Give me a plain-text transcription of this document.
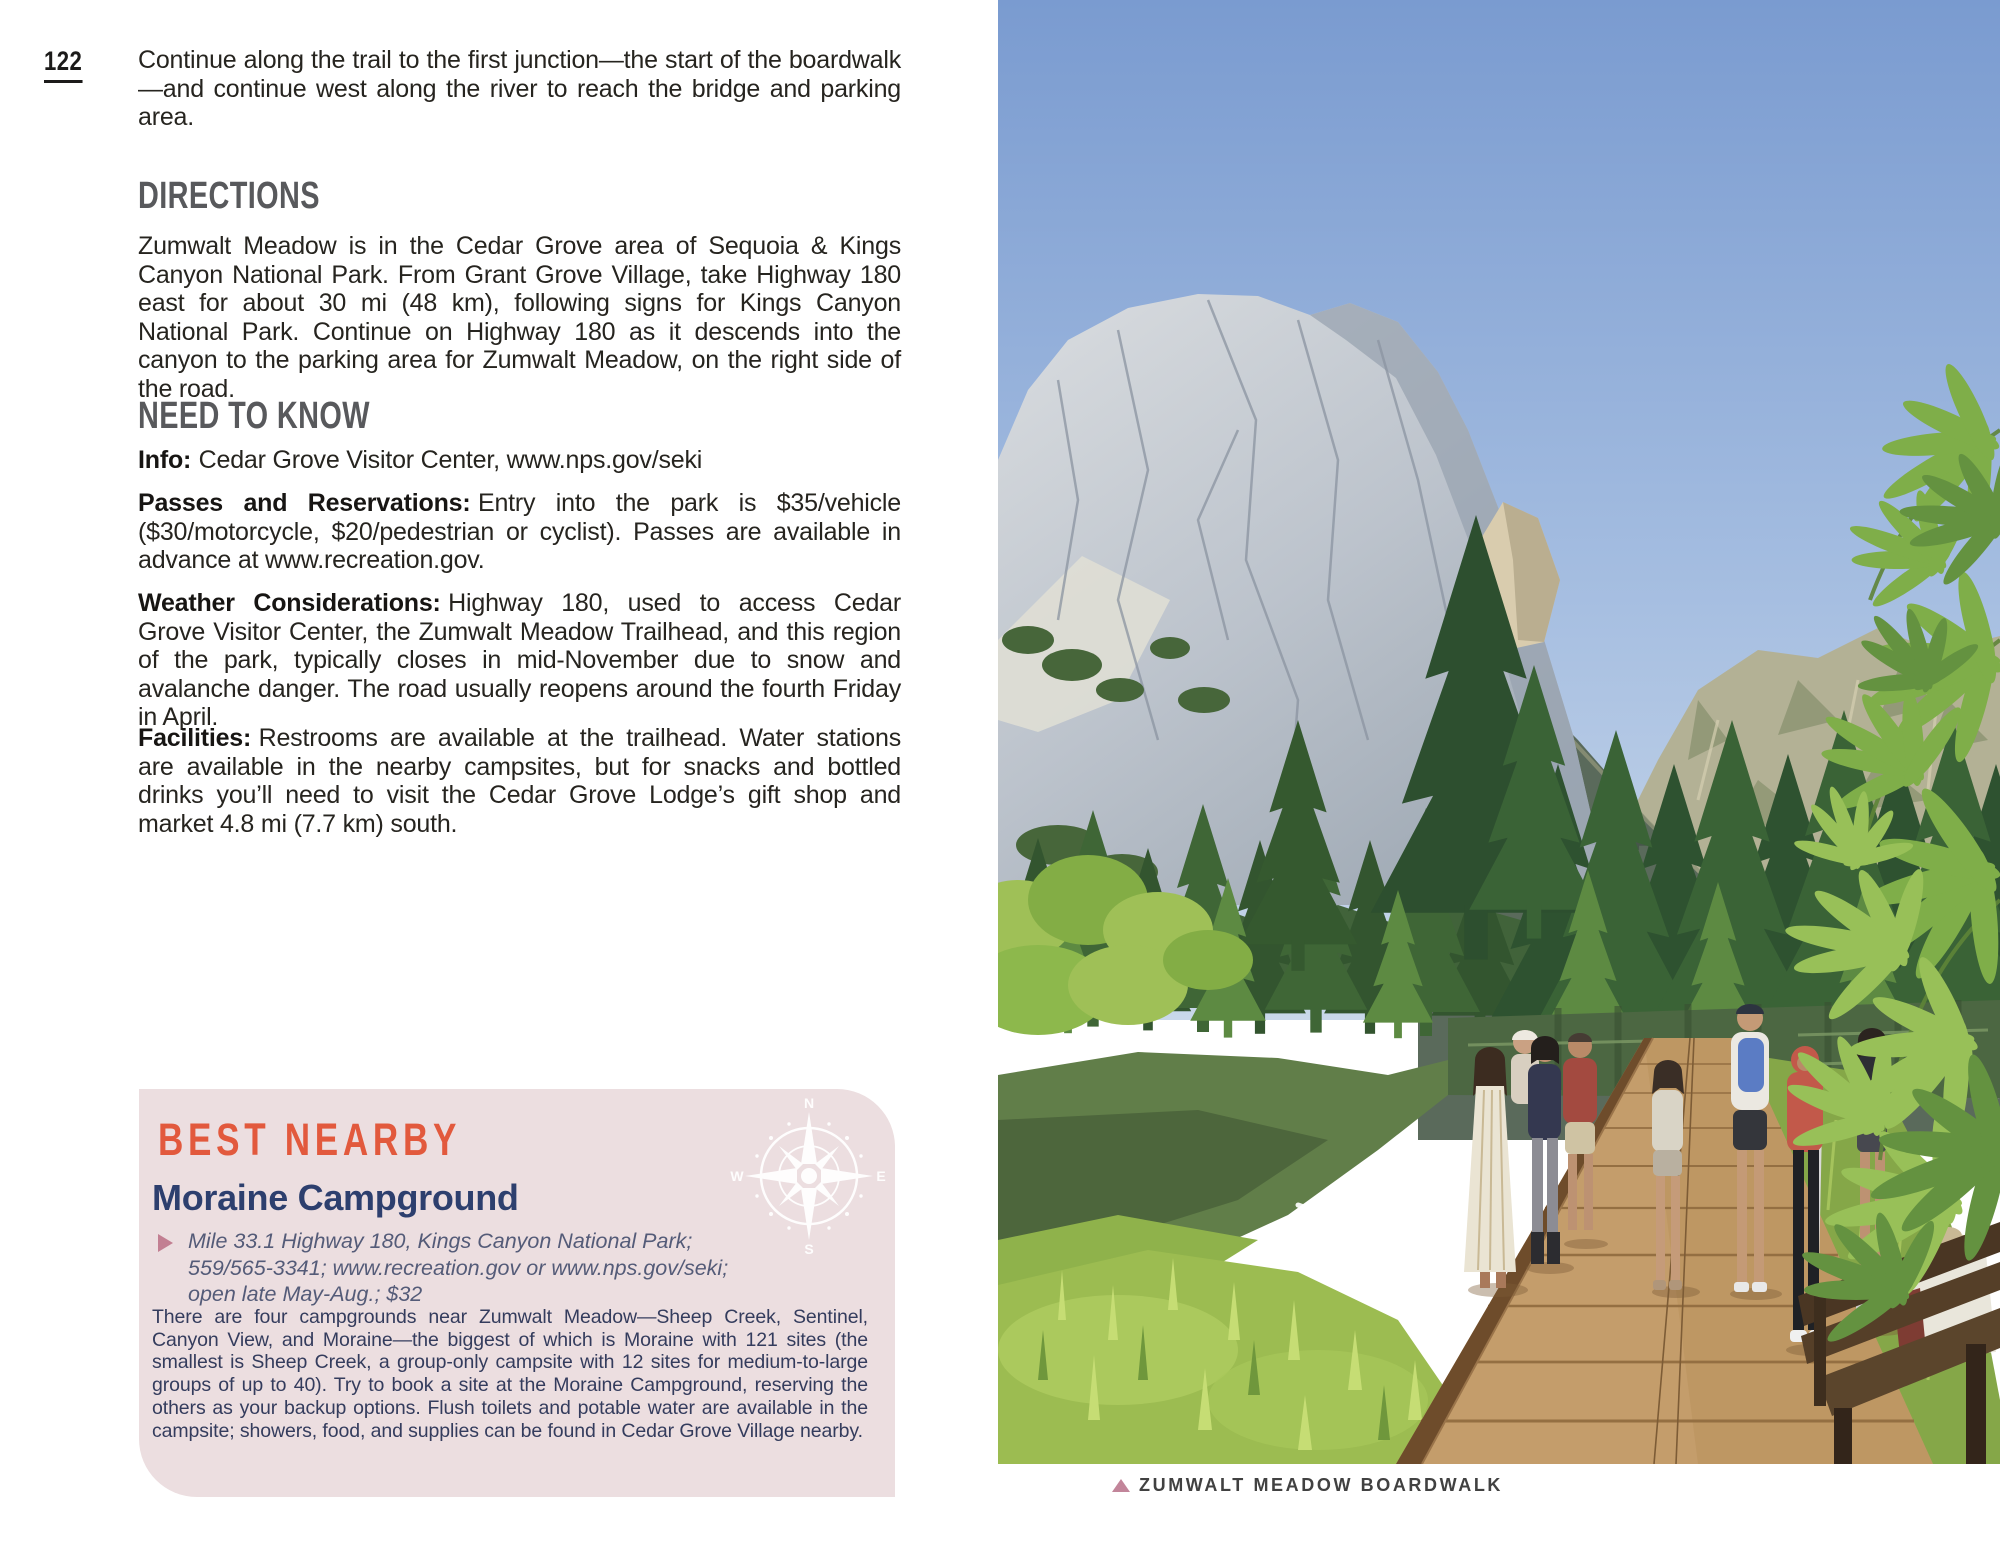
122 Continue along the trail to the first junction—the start of the boardwalk—and continue west along the river to reach the bridge and parking area.

DIRECTIONS

Zumwalt Meadow is in the Cedar Grove area of Sequoia & Kings Canyon National Park. From Grant Grove Village, take Highway 180 east for about 30 mi (48 km), following signs for Kings Canyon National Park. Continue on Highway 180 as it descends into the canyon to the parking area for Zumwalt Meadow, on the right side of the road.

NEED TO KNOW

Info: Cedar Grove Visitor Center, www.nps.gov/seki

Passes and Reservations: Entry into the park is $35/vehicle ($30/motorcycle, $20/pedestrian or cyclist). Passes are available in advance at www.recreation.gov.

Weather Considerations: Highway 180, used to access Cedar Grove Visitor Center, the Zumwalt Meadow Trailhead, and this region of the park, typically closes in mid-November due to snow and avalanche danger. The road usually reopens around the fourth Friday in April.

Facilities: Restrooms are available at the trailhead. Water stations are available in the nearby campsites, but for snacks and bottled drinks you’ll need to visit the Cedar Grove Lodge’s gift shop and market 4.8 mi (7.7 km) south.

BEST NEARBY
Moraine Campground
Mile 33.1 Highway 180, Kings Canyon National Park; 559/565-3341; www.recreation.gov or www.nps.gov/seki; open late May-Aug.; $32

There are four campgrounds near Zumwalt Meadow—Sheep Creek, Sentinel, Canyon View, and Moraine—the biggest of which is Moraine with 121 sites (the smallest is Sheep Creek, a group-only campsite with 12 sites for medium-to-large groups of up to 40). Try to book a site at the Moraine Campground, reserving the others as your backup options. Flush toilets and potable water are available in the campsite; showers, food, and supplies can be found in Cedar Grove Village nearby.

N
S
E
W
ZUMWALT MEADOW BOARDWALK
